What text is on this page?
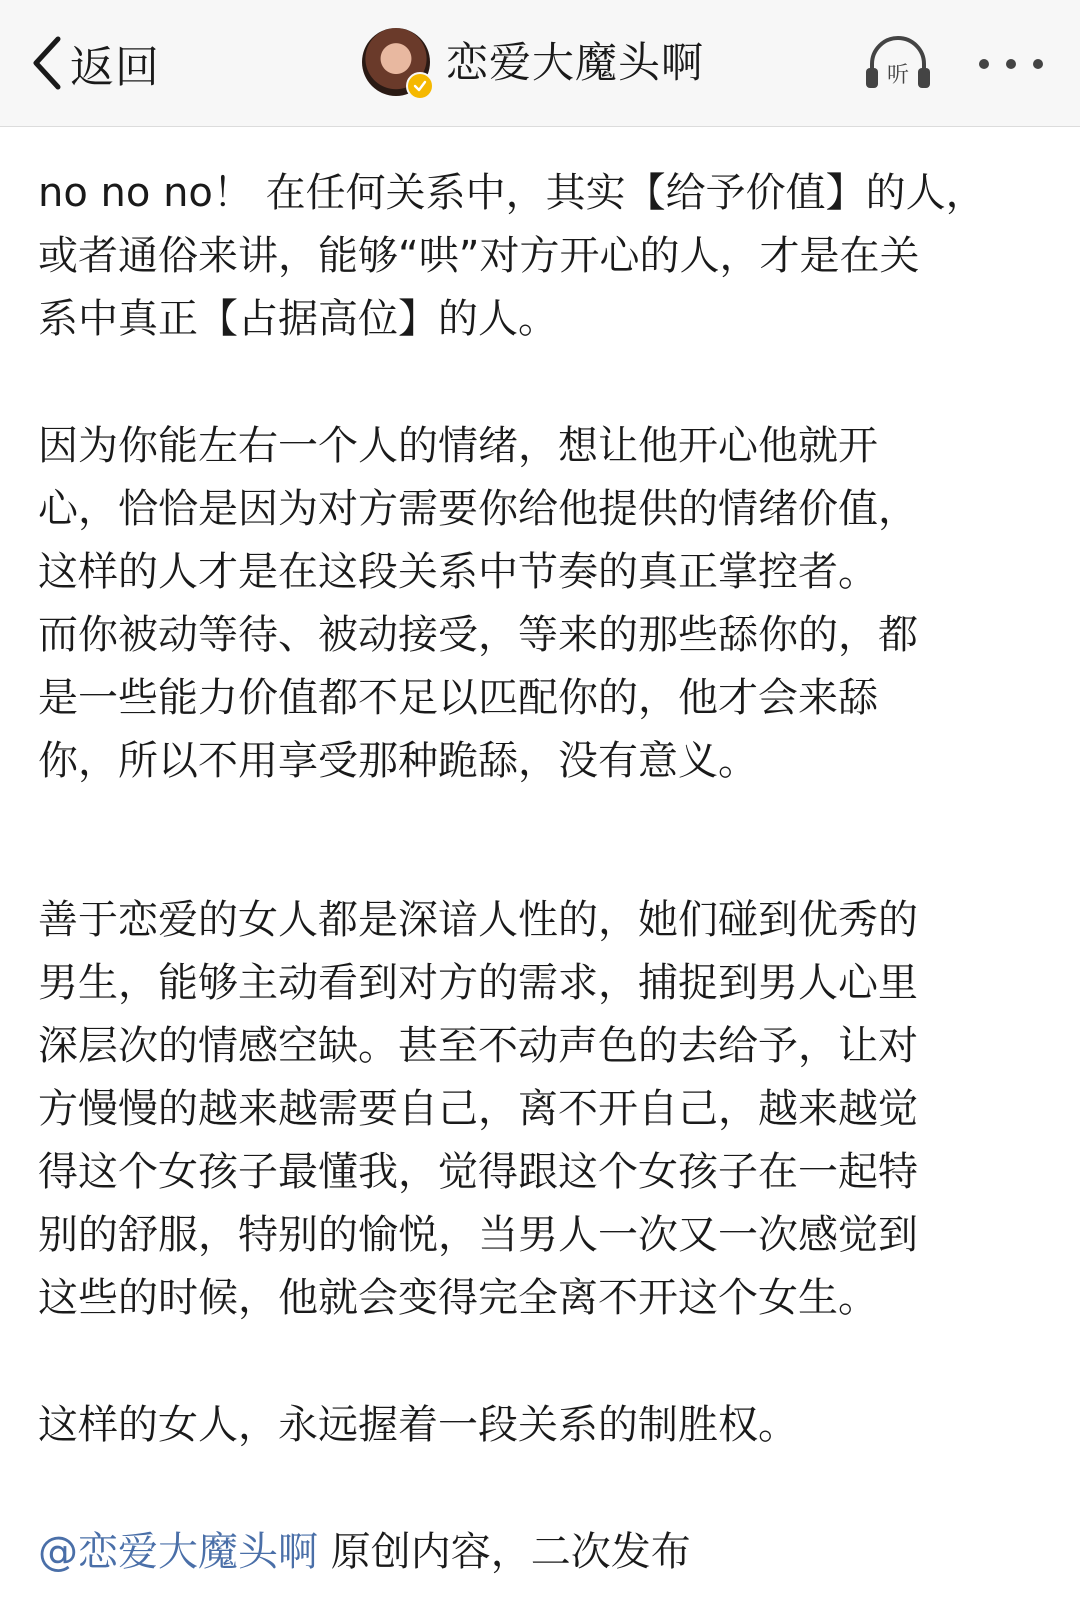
返回	恋爱大魔头啊	听

no no no！ 在任何关系中，其实【给予价值】的人，
或者通俗来讲，能够“哄”对方开心的人，才是在关
系中真正【占据高位】的人。

因为你能左右一个人的情绪，想让他开心他就开
心，恰恰是因为对方需要你给他提供的情绪价值，
这样的人才是在这段关系中节奏的真正掌控者。
而你被动等待、被动接受，等来的那些舔你的，都
是一些能力价值都不足以匹配你的，他才会来舔
你，所以不用享受那种跪舔，没有意义。

善于恋爱的女人都是深谙人性的，她们碰到优秀的
男生，能够主动看到对方的需求，捕捉到男人心里
深层次的情感空缺。甚至不动声色的去给予，让对
方慢慢的越来越需要自己，离不开自己，越来越觉
得这个女孩子最懂我，觉得跟这个女孩子在一起特
别的舒服，特别的愉悦，当男人一次又一次感觉到
这些的时候，他就会变得完全离不开这个女生。

这样的女人，永远握着一段关系的制胜权。

@恋爱大魔头啊 原创内容，二次发布
